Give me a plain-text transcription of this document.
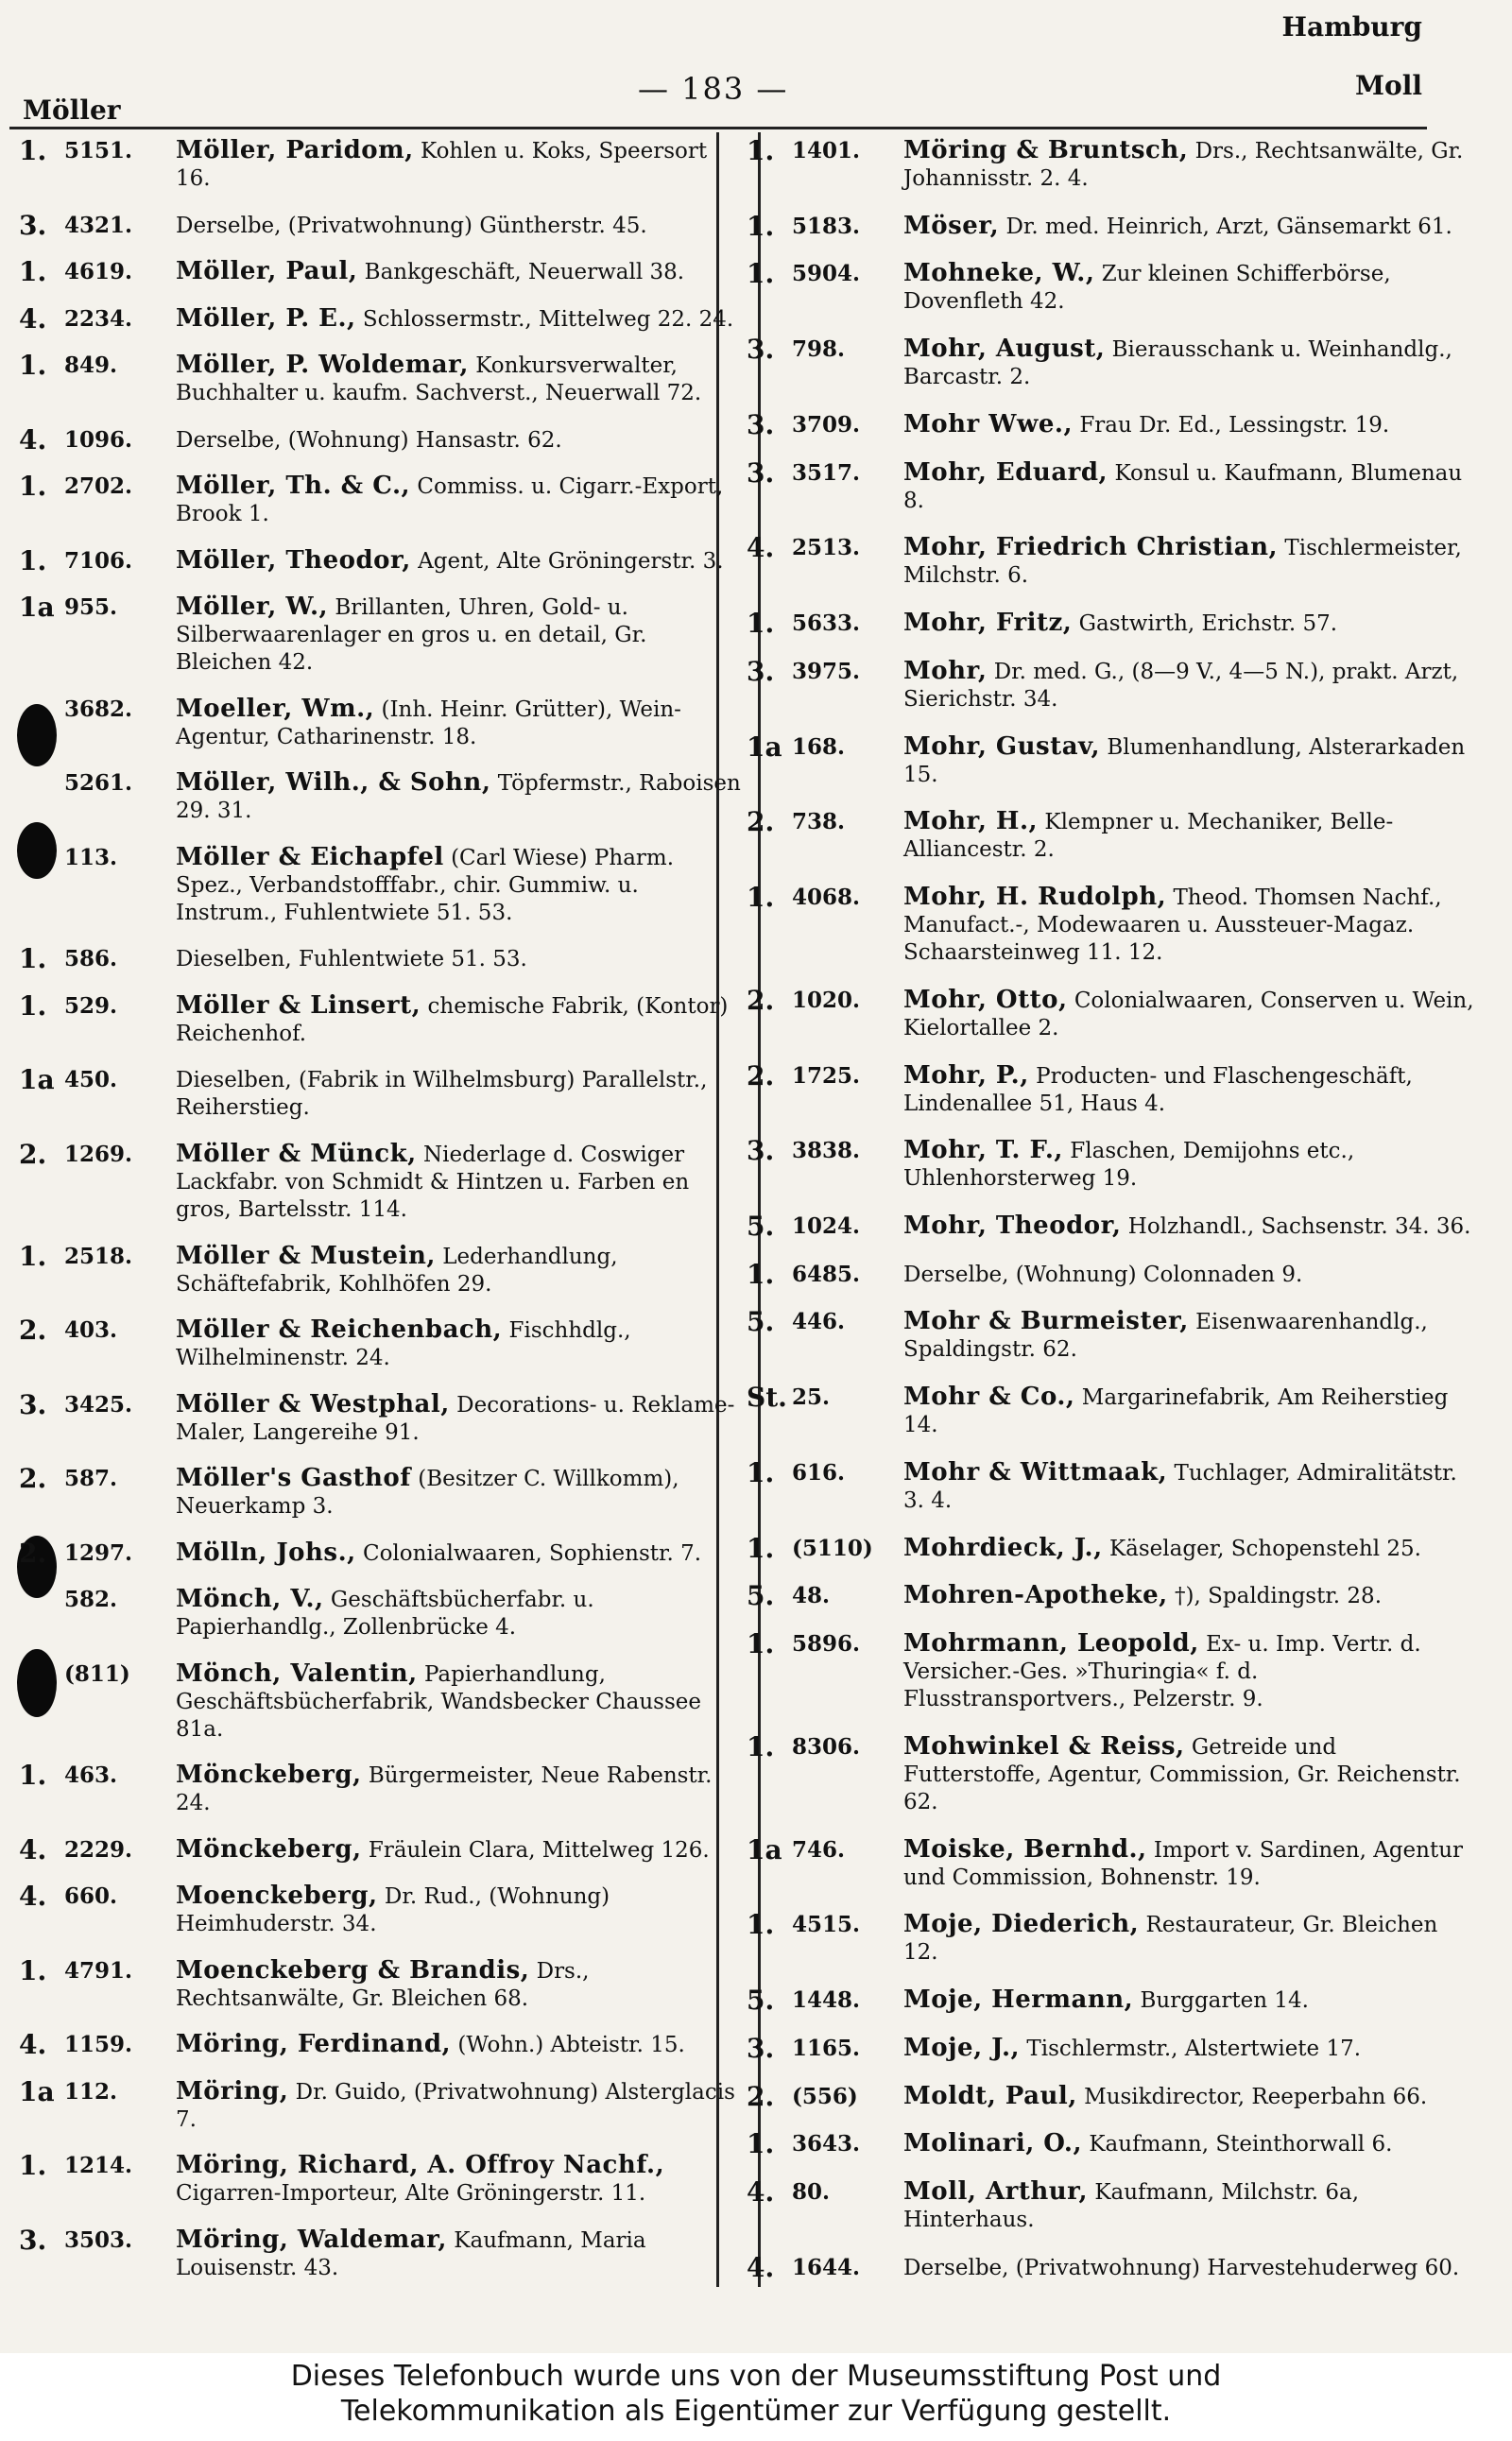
Möller
— 183 —
Hamburg
Moll
1. 5151.	Möller, Paridom, Kohlen u. Koks, Speersort 16.
3. 4321.	Derselbe, (Privatwohnung) Güntherstr. 45.
1. 4619.	Möller, Paul, Bankgeschäft, Neuerwall 38.
4. 2234.	Möller, P. E., Schlossermstr., Mittelweg 22. 24.
1. 849.	Möller, P. Woldemar, Konkursverwalter, Buchhalter u. kaufm. Sachverst., Neuerwall 72.
4. 1096.	Derselbe, (Wohnung) Hansastr. 62.
1. 2702.	Möller, Th. & C., Commiss. u. Cigarr.-Export, Brook 1.
1. 7106.	Möller, Theodor, Agent, Alte Gröningerstr. 3.
1a 955.	Möller, W., Brillanten, Uhren, Gold- u. Silberwaarenlager en gros u. en detail, Gr. Bleichen 42.
3682.	Moeller, Wm., (Inh. Heinr. Grütter), Wein-Agentur, Catharinenstr. 18.
5261.	Möller, Wilh., & Sohn, Töpfermstr., Raboisen 29. 31.
113.	Möller & Eichapfel (Carl Wiese) Pharm. Spez., Verbandstofffabr., chir. Gummiw. u. Instrum., Fuhlentwiete 51. 53.
1. 586.	Dieselben, Fuhlentwiete 51. 53.
1. 529.	Möller & Linsert, chemische Fabrik, (Kontor) Reichenhof.
1a 450.	Dieselben, (Fabrik in Wilhelmsburg) Parallelstr., Reiherstieg.
2. 1269.	Möller & Münck, Niederlage d. Coswiger Lackfabr. von Schmidt & Hintzen u. Farben en gros, Bartelsstr. 114.
1. 2518.	Möller & Mustein, Lederhandlung, Schäftefabrik, Kohlhöfen 29.
2. 403.	Möller & Reichenbach, Fischhdlg., Wilhelminenstr. 24.
3. 3425.	Möller & Westphal, Decorations- u. Reklame-Maler, Langereihe 91.
2. 587.	Möller's Gasthof (Besitzer C. Willkomm), Neuerkamp 3.
2. 1297.	Mölln, Johs., Colonialwaaren, Sophienstr. 7.
582.	Mönch, V., Geschäftsbücherfabr. u. Papierhandlg., Zollenbrücke 4.
(811)	Mönch, Valentin, Papierhandlung, Geschäftsbücherfabrik, Wandsbecker Chaussee 81a.
1. 463.	Mönckeberg, Bürgermeister, Neue Rabenstr. 24.
4. 2229.	Mönckeberg, Fräulein Clara, Mittelweg 126.
4. 660.	Moenckeberg, Dr. Rud., (Wohnung) Heimhuderstr. 34.
1. 4791.	Moenckeberg & Brandis, Drs., Rechtsanwälte, Gr. Bleichen 68.
4. 1159.	Möring, Ferdinand, (Wohn.) Abteistr. 15.
1a 112.	Möring, Dr. Guido, (Privatwohnung) Alsterglacis 7.
1. 1214.	Möring, Richard, A. Offroy Nachf., Cigarren-Importeur, Alte Gröningerstr. 11.
3. 3503.	Möring, Waldemar, Kaufmann, Maria Louisenstr. 43.
1. 1401.	Möring & Bruntsch, Drs., Rechtsanwälte, Gr. Johannisstr. 2. 4.
1. 5183.	Möser, Dr. med. Heinrich, Arzt, Gänsemarkt 61.
1. 5904.	Mohneke, W., Zur kleinen Schifferbörse, Dovenfleth 42.
3. 798.	Mohr, August, Bierausschank u. Weinhandlg., Barcastr. 2.
3. 3709.	Mohr Wwe., Frau Dr. Ed., Lessingstr. 19.
3. 3517.	Mohr, Eduard, Konsul u. Kaufmann, Blumenau 8.
4. 2513.	Mohr, Friedrich Christian, Tischlermeister, Milchstr. 6.
1. 5633.	Mohr, Fritz, Gastwirth, Erichstr. 57.
3. 3975.	Mohr, Dr. med. G., (8—9 V., 4—5 N.), prakt. Arzt, Sierichstr. 34.
1a 168.	Mohr, Gustav, Blumenhandlung, Alsterarkaden 15.
2. 738.	Mohr, H., Klempner u. Mechaniker, Belle-Alliancestr. 2.
1. 4068.	Mohr, H. Rudolph, Theod. Thomsen Nachf., Manufact.-, Modewaaren u. Aussteuer-Magaz. Schaarsteinweg 11. 12.
2. 1020.	Mohr, Otto, Colonialwaaren, Conserven u. Wein, Kielortallee 2.
2. 1725.	Mohr, P., Producten- und Flaschengeschäft, Lindenallee 51, Haus 4.
3. 3838.	Mohr, T. F., Flaschen, Demijohns etc., Uhlenhorsterweg 19.
5. 1024.	Mohr, Theodor, Holzhandl., Sachsenstr. 34. 36.
1. 6485.	Derselbe, (Wohnung) Colonnaden 9.
5. 446.	Mohr & Burmeister, Eisenwaarenhandlg., Spaldingstr. 62.
St. 25.	Mohr & Co., Margarinefabrik, Am Reiherstieg 14.
1. 616.	Mohr & Wittmaak, Tuchlager, Admiralitätstr. 3. 4.
1. (5110)	Mohrdieck, J., Käselager, Schopenstehl 25.
5. 48.	Mohren-Apotheke, †), Spaldingstr. 28.
1. 5896.	Mohrmann, Leopold, Ex- u. Imp. Vertr. d. Versicher.-Ges. »Thuringia« f. d. Flusstransportvers., Pelzerstr. 9.
1. 8306.	Mohwinkel & Reiss, Getreide und Futterstoffe, Agentur, Commission, Gr. Reichenstr. 62.
1a 746.	Moiske, Bernhd., Import v. Sardinen, Agentur und Commission, Bohnenstr. 19.
1. 4515.	Moje, Diederich, Restaurateur, Gr. Bleichen 12.
5. 1448.	Moje, Hermann, Burggarten 14.
3. 1165.	Moje, J., Tischlermstr., Alstertwiete 17.
2. (556)	Moldt, Paul, Musikdirector, Reeperbahn 66.
1. 3643.	Molinari, O., Kaufmann, Steinthorwall 6.
4. 80.	Moll, Arthur, Kaufmann, Milchstr. 6a, Hinterhaus.
4. 1644.	Derselbe, (Privatwohnung) Harvestehuderweg 60.
Dieses Telefonbuch wurde uns von der Museumsstiftung Post und
Telekommunikation als Eigentümer zur Verfügung gestellt.
